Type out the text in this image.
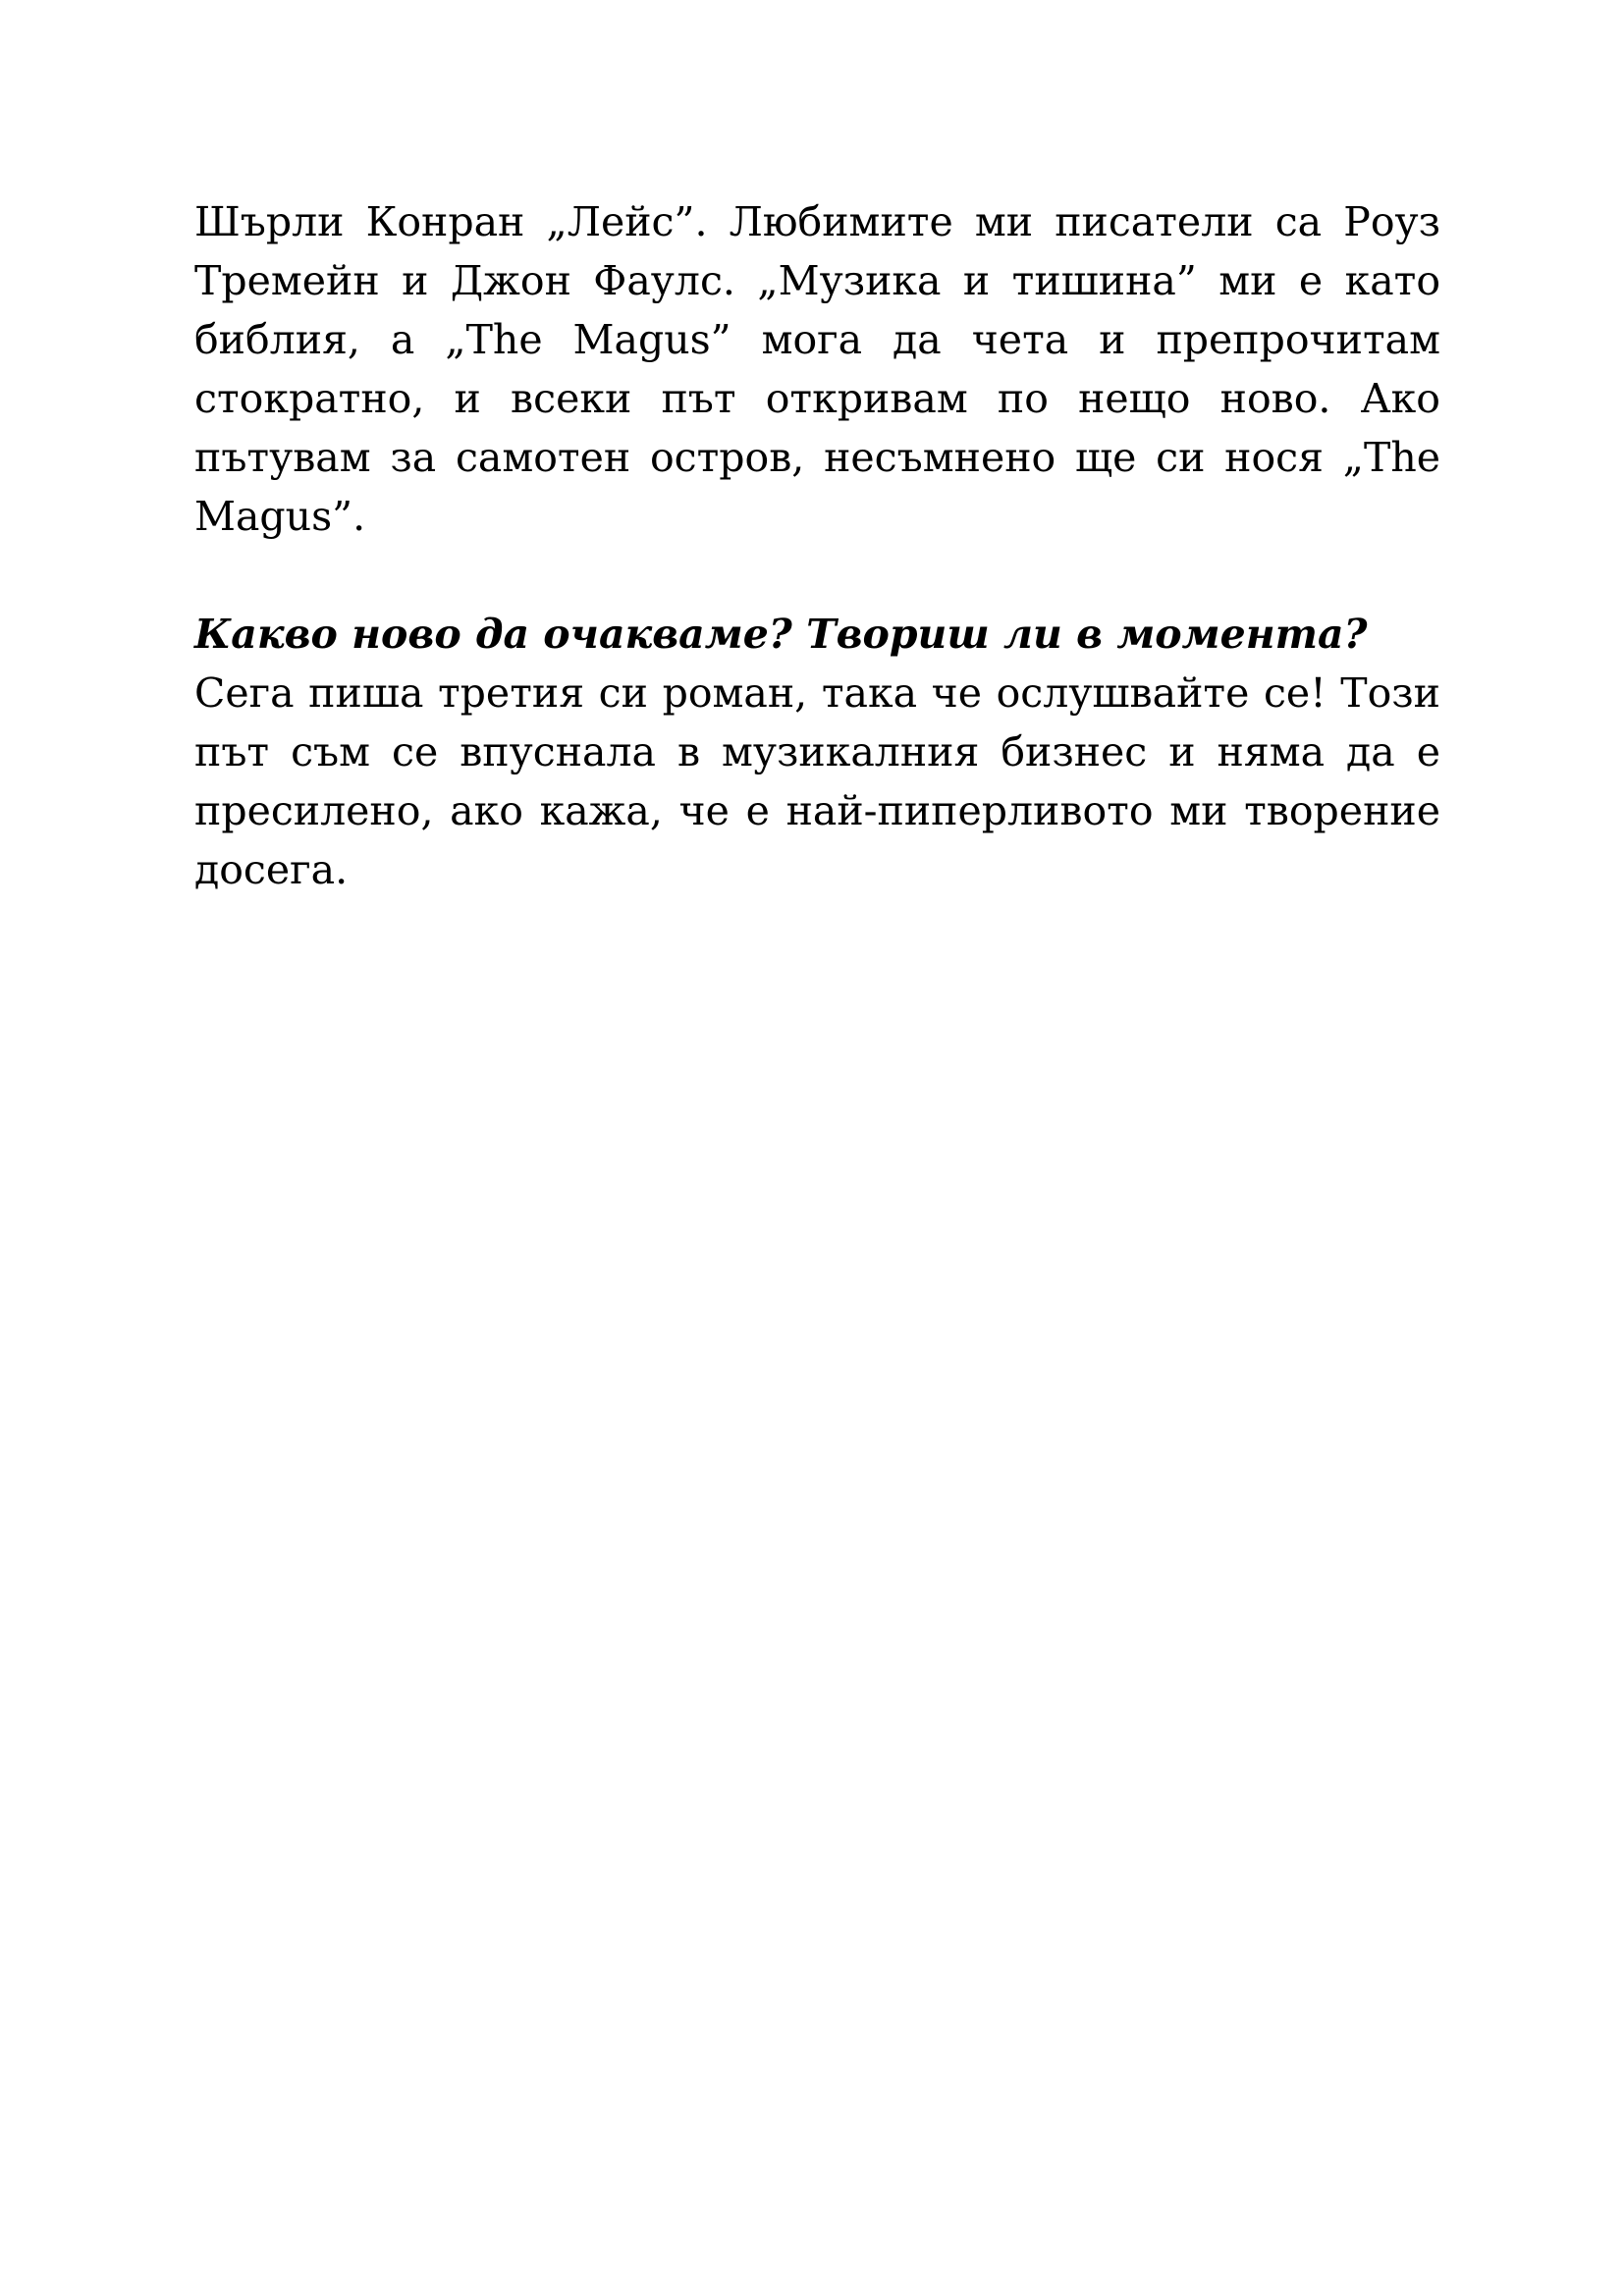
Шърли Конран „Лейс”. Любимите ми писатели са Роуз Тремейн и Джон Фаулс. „Музика и тишина” ми е като библия, а „The Magus” мога да чета и препрочитам стократно, и всеки път откривам по нещо ново. Ако пътувам за самотен остров, несъмнено ще си нося „The Magus”.

Какво ново да очакваме? Твориш ли в момента?

Сега пиша третия си роман, така че ослушвайте се! Този път съм се впуснала в музикалния бизнес и няма да е пресилено, ако кажа, че е най-пиперливото ми творение досега.
